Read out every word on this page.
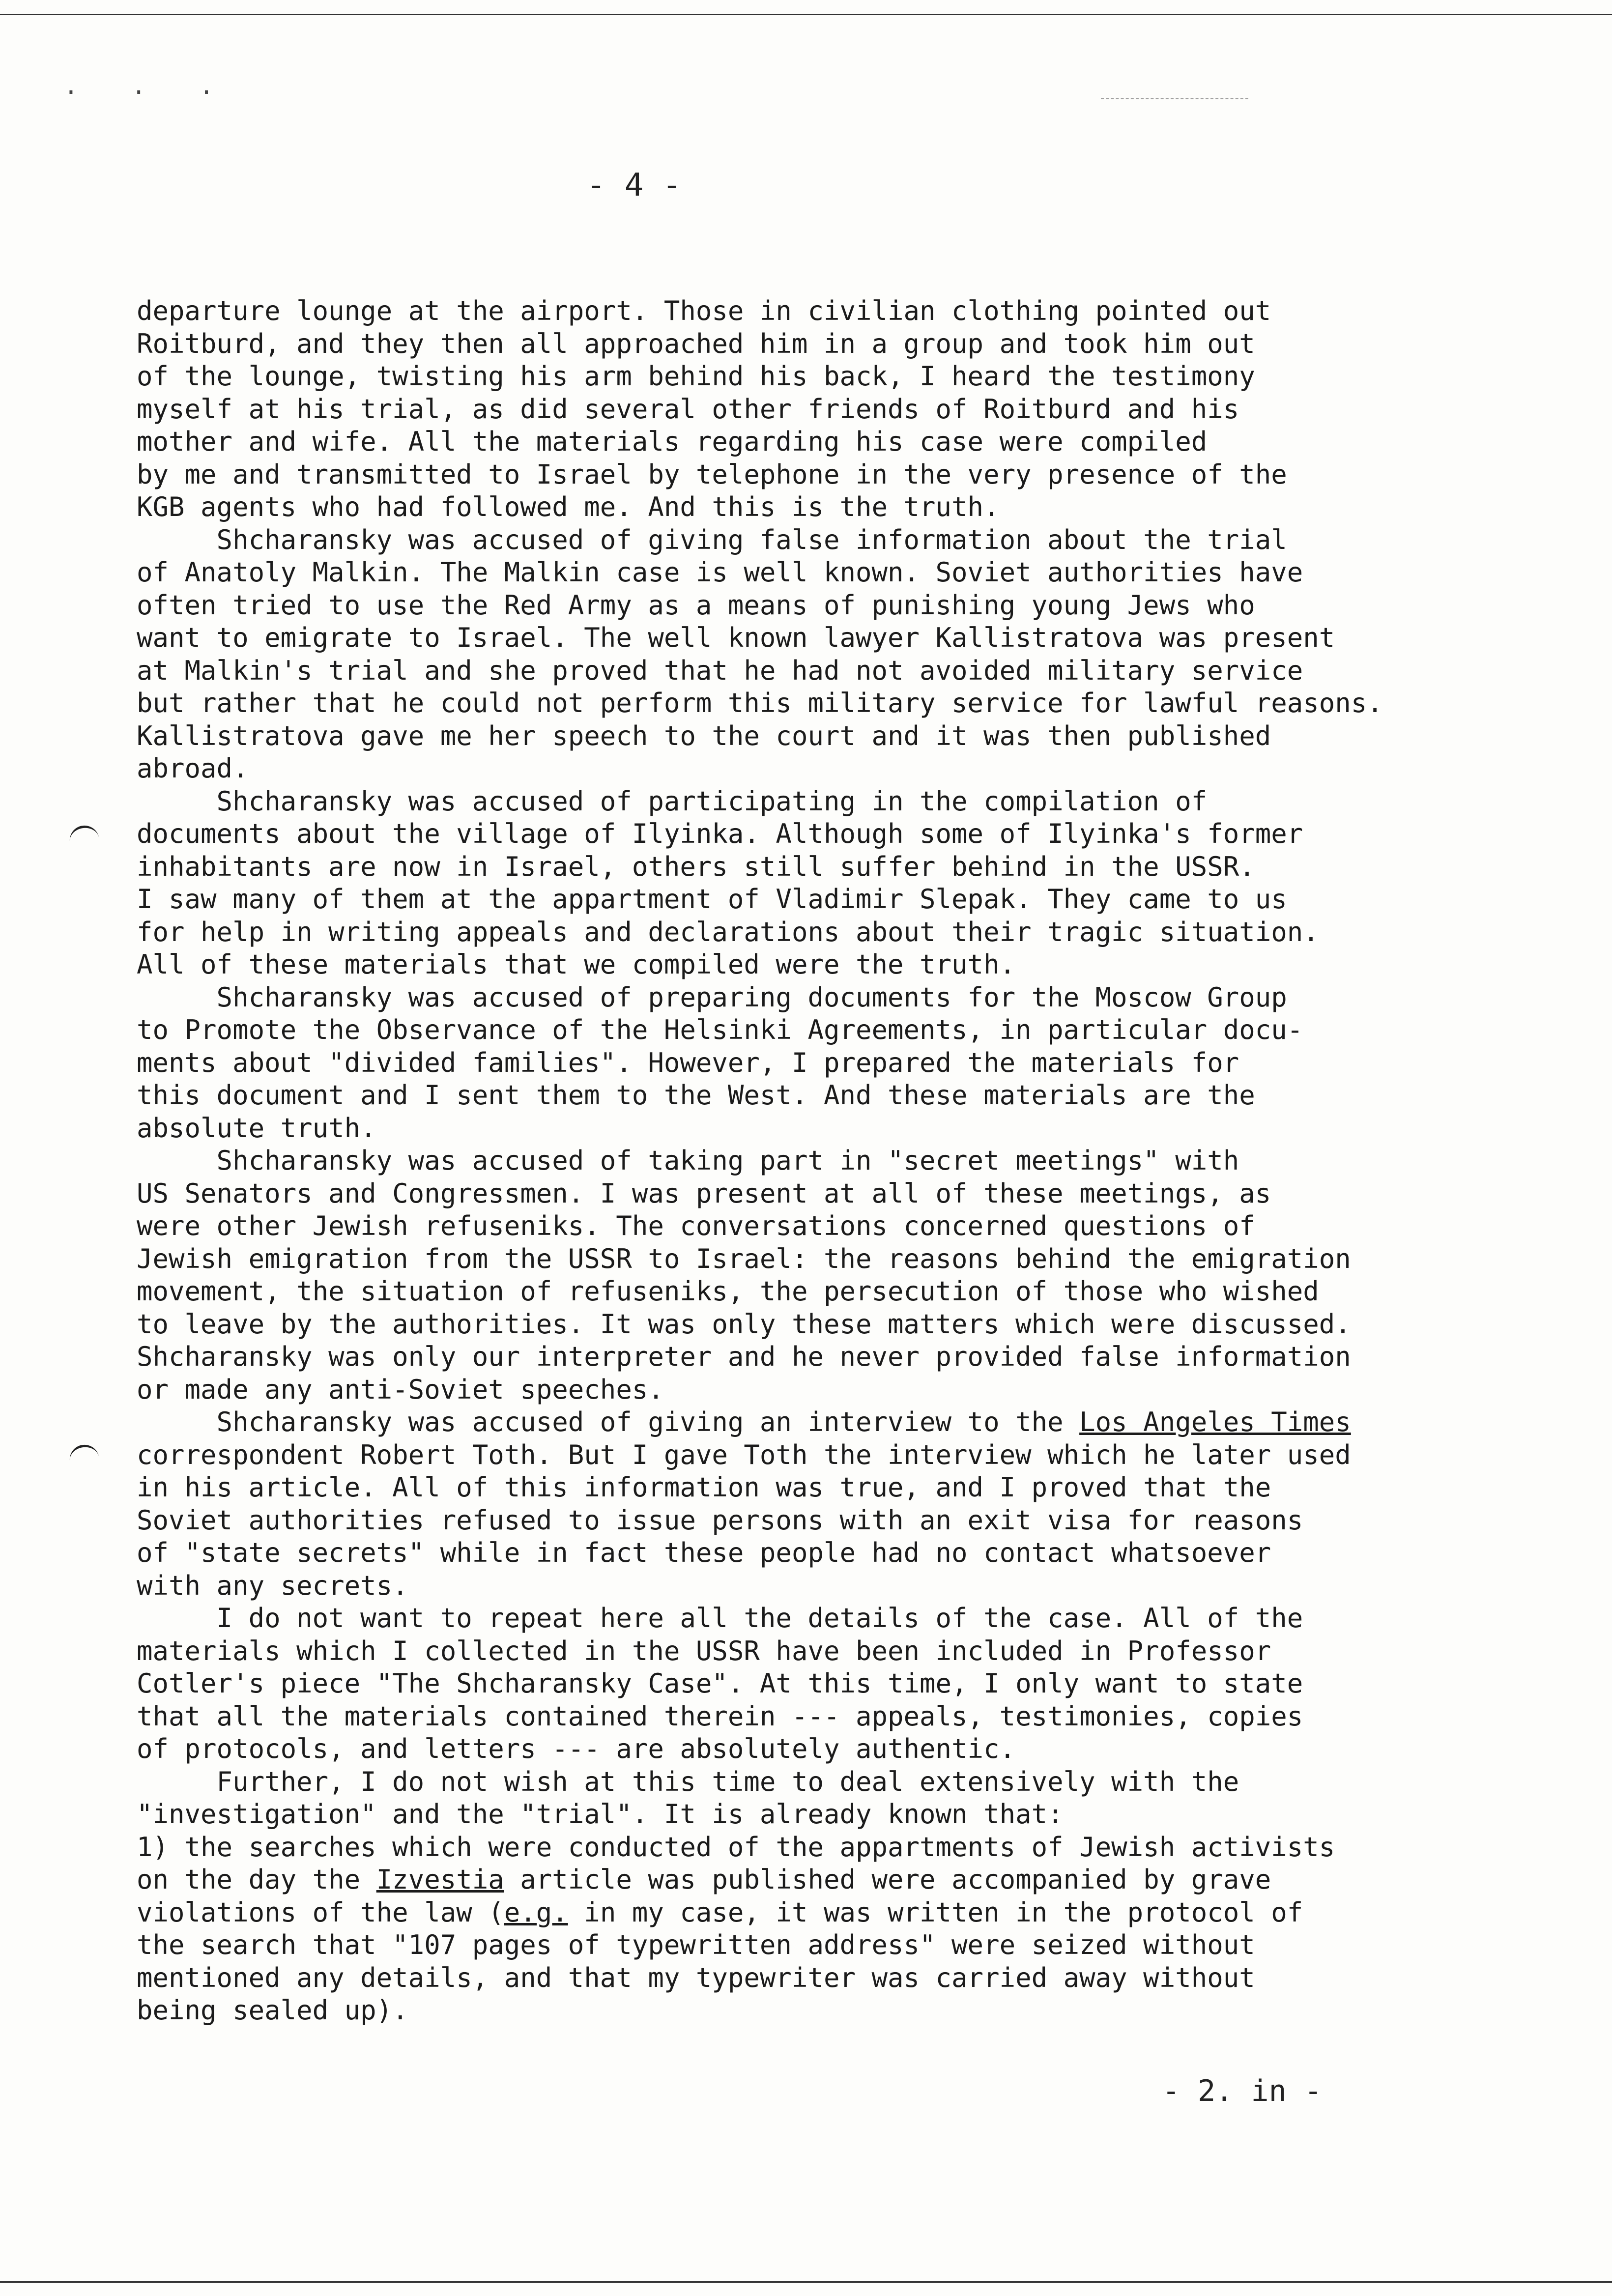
· · ·
- 4 -
departure lounge at the airport. Those in civilian clothing pointed out
Roitburd, and they then all approached him in a group and took him out
of the lounge, twisting his arm behind his back, I heard the testimony
myself at his trial, as did several other friends of Roitburd and his
mother and wife. All the materials regarding his case were compiled
by me and transmitted to Israel by telephone in the very presence of the
KGB agents who had followed me. And this is the truth.
Shcharansky was accused of giving false information about the trial
of Anatoly Malkin. The Malkin case is well known. Soviet authorities have
often tried to use the Red Army as a means of punishing young Jews who
want to emigrate to Israel. The well known lawyer Kallistratova was present
at Malkin's trial and she proved that he had not avoided military service
but rather that he could not perform this military service for lawful reasons.
Kallistratova gave me her speech to the court and it was then published
abroad.
Shcharansky was accused of participating in the compilation of
documents about the village of Ilyinka. Although some of Ilyinka's former
inhabitants are now in Israel, others still suffer behind in the USSR.
I saw many of them at the appartment of Vladimir Slepak. They came to us
for help in writing appeals and declarations about their tragic situation.
All of these materials that we compiled were the truth.
Shcharansky was accused of preparing documents for the Moscow Group
to Promote the Observance of the Helsinki Agreements, in particular docu-
ments about "divided families". However, I prepared the materials for
this document and I sent them to the West. And these materials are the
absolute truth.
Shcharansky was accused of taking part in "secret meetings" with
US Senators and Congressmen. I was present at all of these meetings, as
were other Jewish refuseniks. The conversations concerned questions of
Jewish emigration from the USSR to Israel: the reasons behind the emigration
movement, the situation of refuseniks, the persecution of those who wished
to leave by the authorities. It was only these matters which were discussed.
Shcharansky was only our interpreter and he never provided false information
or made any anti-Soviet speeches.
Shcharansky was accused of giving an interview to the Los Angeles Times
correspondent Robert Toth. But I gave Toth the interview which he later used
in his article. All of this information was true, and I proved that the
Soviet authorities refused to issue persons with an exit visa for reasons
of "state secrets" while in fact these people had no contact whatsoever
with any secrets.
I do not want to repeat here all the details of the case. All of the
materials which I collected in the USSR have been included in Professor
Cotler's piece "The Shcharansky Case". At this time, I only want to state
that all the materials contained therein --- appeals, testimonies, copies
of protocols, and letters --- are absolutely authentic.
Further, I do not wish at this time to deal extensively with the
"investigation" and the "trial". It is already known that:
1) the searches which were conducted of the appartments of Jewish activists
on the day the Izvestia article was published were accompanied by grave
violations of the law (e.g. in my case, it was written in the protocol of
the search that "107 pages of typewritten address" were seized without
mentioned any details, and that my typewriter was carried away without
being sealed up).
- 2. in -
